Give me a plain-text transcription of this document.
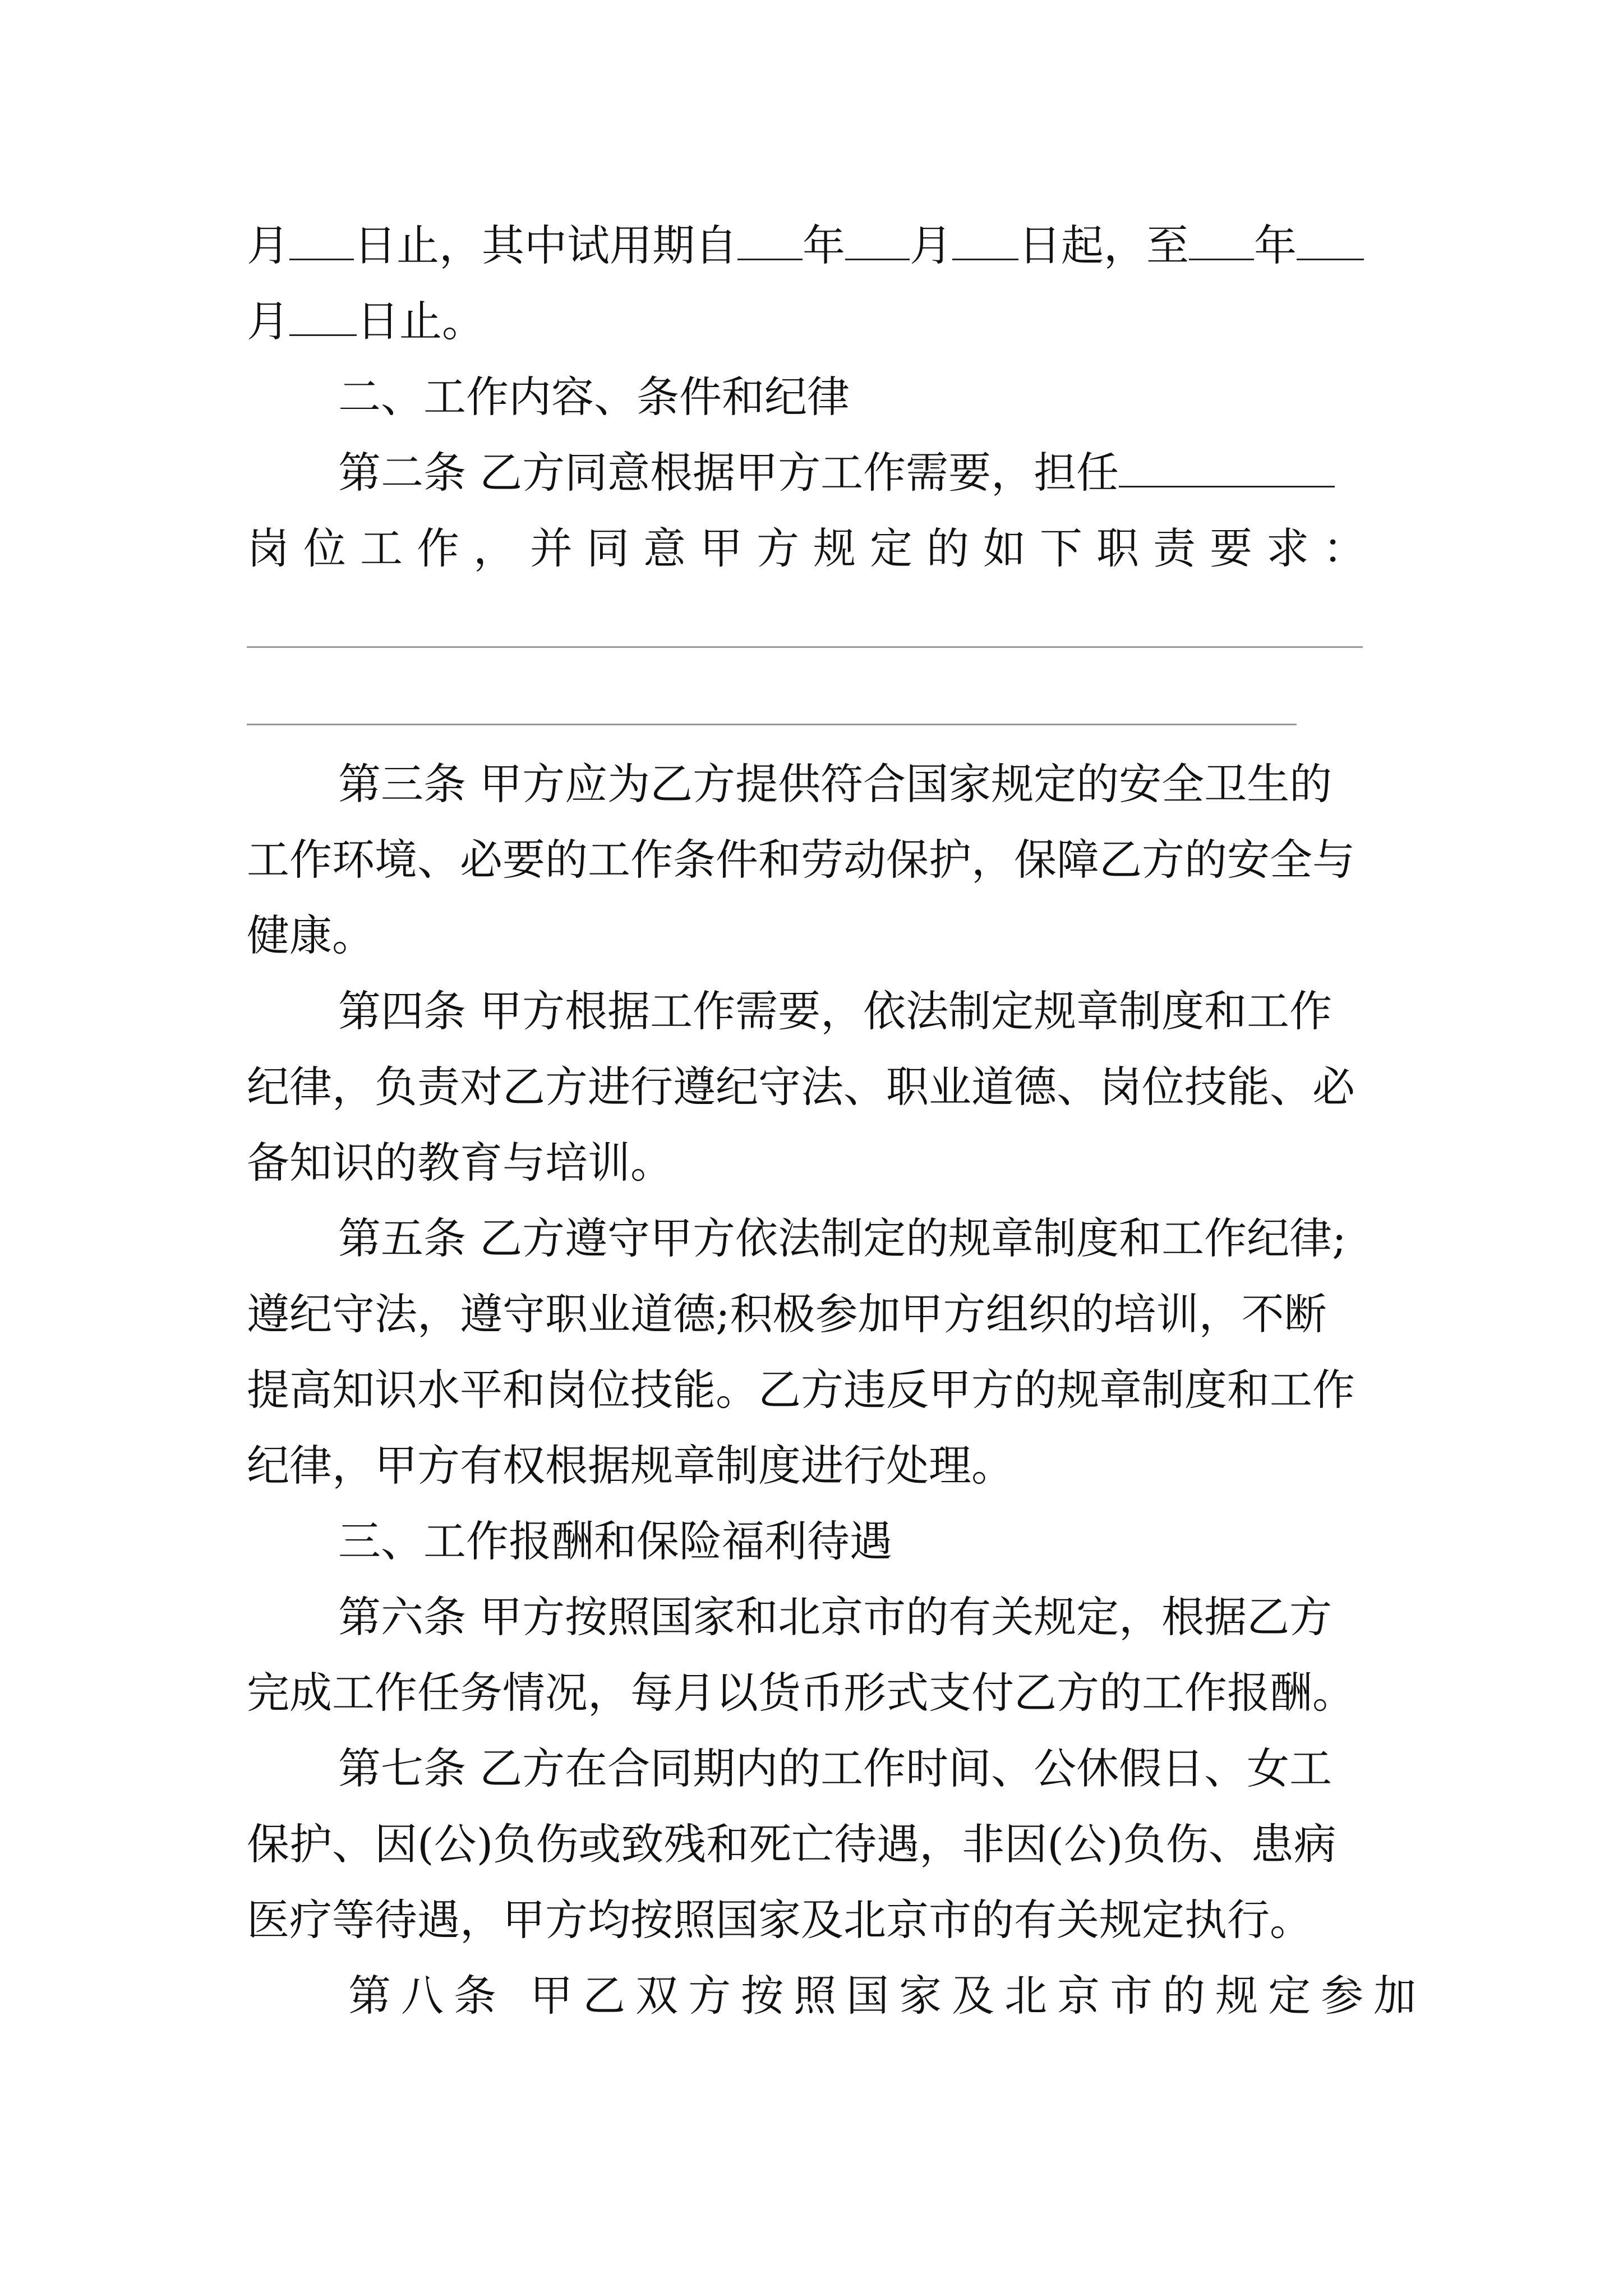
月 日止，其中试用期自 年 月 日起，至 年
月 日止。
二、工作内容、条件和纪律
第二条 乙方同意根据甲方工作需要，担任
岗位工作，并同意甲方规定的如下职责要求：
第三条 甲方应为乙方提供符合国家规定的安全卫生的
工作环境、必要的工作条件和劳动保护，保障乙方的安全与
健康。
第四条 甲方根据工作需要，依法制定规章制度和工作
纪律，负责对乙方进行遵纪守法、职业道德、岗位技能、必
备知识的教育与培训。
第五条 乙方遵守甲方依法制定的规章制度和工作纪律;
遵纪守法，遵守职业道德;积极参加甲方组织的培训，不断
提高知识水平和岗位技能。乙方违反甲方的规章制度和工作
纪律，甲方有权根据规章制度进行处理。
三、工作报酬和保险福利待遇
第六条 甲方按照国家和北京市的有关规定，根据乙方
完成工作任务情况，每月以货币形式支付乙方的工作报酬。
第七条 乙方在合同期内的工作时间、公休假日、女工
保护、因(公)负伤或致残和死亡待遇，非因(公)负伤、患病
医疗等待遇，甲方均按照国家及北京市的有关规定执行。
第八条 甲乙双方按照国家及北京市的规定参加
